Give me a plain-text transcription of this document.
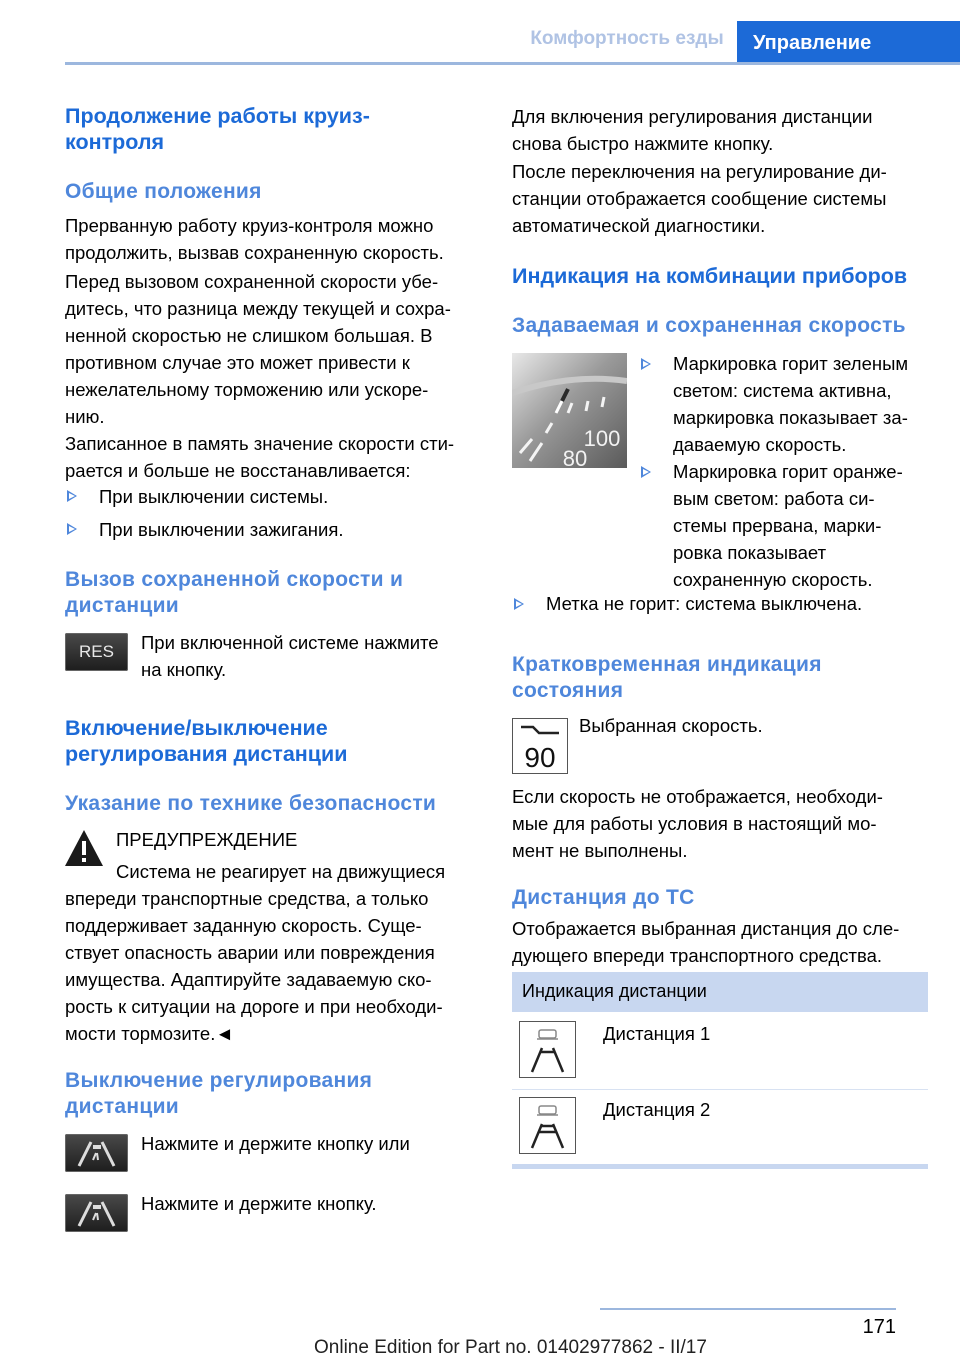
Комфортность езды	Управление
Продолжение работы круиз-
контроля
Общие положения
Прерванную работу круиз-контроля можно
продолжить, вызвав сохраненную скорость.
Перед вызовом сохраненной скорости убе-
дитесь, что разница между текущей и сохра-
ненной скоростью не слишком большая. В
противном случае это может привести к
нежелательному торможению или ускоре-
нию.
Записанное в память значение скорости сти-
рается и больше не восстанавливается:
При выключении системы.
При выключении зажигания.
Вызов сохраненной скорости и
дистанции
RES	При включенной системе нажмите
на кнопку.
Включение/выключение
регулирования дистанции
Указание по технике безопасности
ПРЕДУПРЕЖДЕНИЕ
Система не реагирует на движущиеся
впереди транспортные средства, а только
поддерживает заданную скорость. Суще-
ствует опасность аварии или повреждения
имущества. Адаптируйте задаваемую ско-
рость к ситуации на дороге и при необходи-
мости тормозите.◄
Выключение регулирования
дистанции
Нажмите и держите кнопку или
Нажмите и держите кнопку.
Для включения регулирования дистанции
снова быстро нажмите кнопку.
После переключения на регулирование ди-
станции отображается сообщение системы
автоматической диагностики.
Индикация на комбинации приборов
Задаваемая и сохраненная скорость
100
80
Маркировка горит зеленым
светом: система активна,
маркировка показывает за-
даваемую скорость.
Маркировка горит оранже-
вым светом: работа си-
стемы прервана, марки-
ровка показывает
сохраненную скорость.
Метка не горит: система выключена.
Кратковременная индикация
состояния
90
Выбранная скорость.
Если скорость не отображается, необходи-
мые для работы условия в настоящий мо-
мент не выполнены.
Дистанция до ТС
Отображается выбранная дистанция до сле-
дующего впереди транспортного средства.
Индикация дистанции
Дистанция 1
Дистанция 2
171
Online Edition for Part no. 01402977862 - II/17
